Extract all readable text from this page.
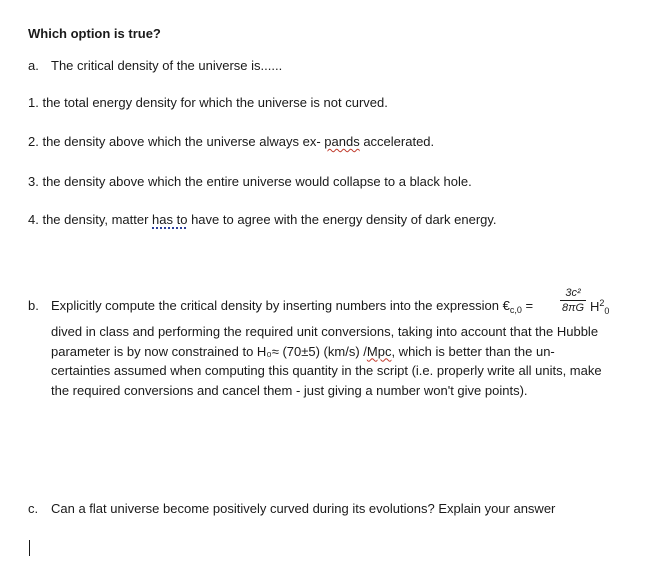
Which option is true?
a. The critical density of the universe is......
1. the total energy density for which the universe is not curved.
2. the density above which the universe always ex- pands accelerated.
3. the density above which the entire universe would collapse to a black hole.
4. the density, matter has to have to agree with the energy density of dark energy.
b. Explicitly compute the critical density by inserting numbers into the expression $€_{c,0} = \frac{\text{3c²}}{8\pi G} H^2_0$
dived in class and performing the required unit conversions, taking into account that the Hubble
parameter is by now constrained to H₀≈ (70±5) (km/s) /Mpc, which is better than the un-
certainties assumed when computing this quantity in the script (i.e. properly write all units, make
the required conversions and cancel them - just giving a number won't give points).
c. Can a flat universe become positively curved during its evolutions? Explain your answer
